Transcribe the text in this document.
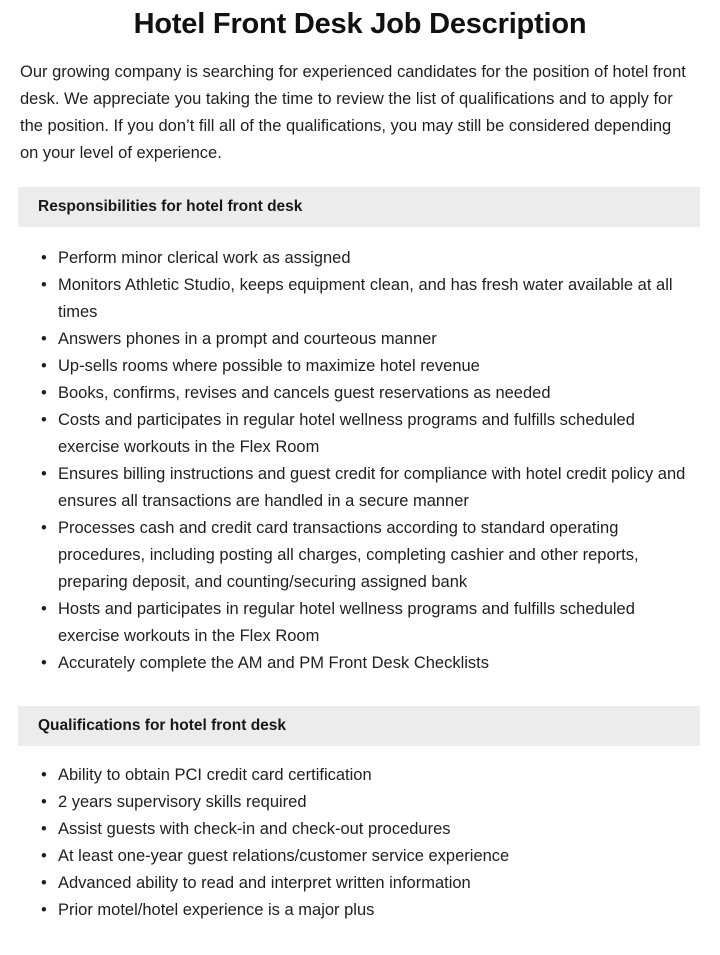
Hotel Front Desk Job Description

Our growing company is searching for experienced candidates for the position of hotel front desk. We appreciate you taking the time to review the list of qualifications and to apply for the position. If you don’t fill all of the qualifications, you may still be considered depending on your level of experience.

Responsibilities for hotel front desk
• Perform minor clerical work as assigned
• Monitors Athletic Studio, keeps equipment clean, and has fresh water available at all times
• Answers phones in a prompt and courteous manner
• Up-sells rooms where possible to maximize hotel revenue
• Books, confirms, revises and cancels guest reservations as needed
• Costs and participates in regular hotel wellness programs and fulfills scheduled exercise workouts in the Flex Room
• Ensures billing instructions and guest credit for compliance with hotel credit policy and ensures all transactions are handled in a secure manner
• Processes cash and credit card transactions according to standard operating procedures, including posting all charges, completing cashier and other reports, preparing deposit, and counting/securing assigned bank
• Hosts and participates in regular hotel wellness programs and fulfills scheduled exercise workouts in the Flex Room
• Accurately complete the AM and PM Front Desk Checklists
Qualifications for hotel front desk
• Ability to obtain PCI credit card certification
• 2 years supervisory skills required
• Assist guests with check-in and check-out procedures
• At least one-year guest relations/customer service experience
• Advanced ability to read and interpret written information
• Prior motel/hotel experience is a major plus
